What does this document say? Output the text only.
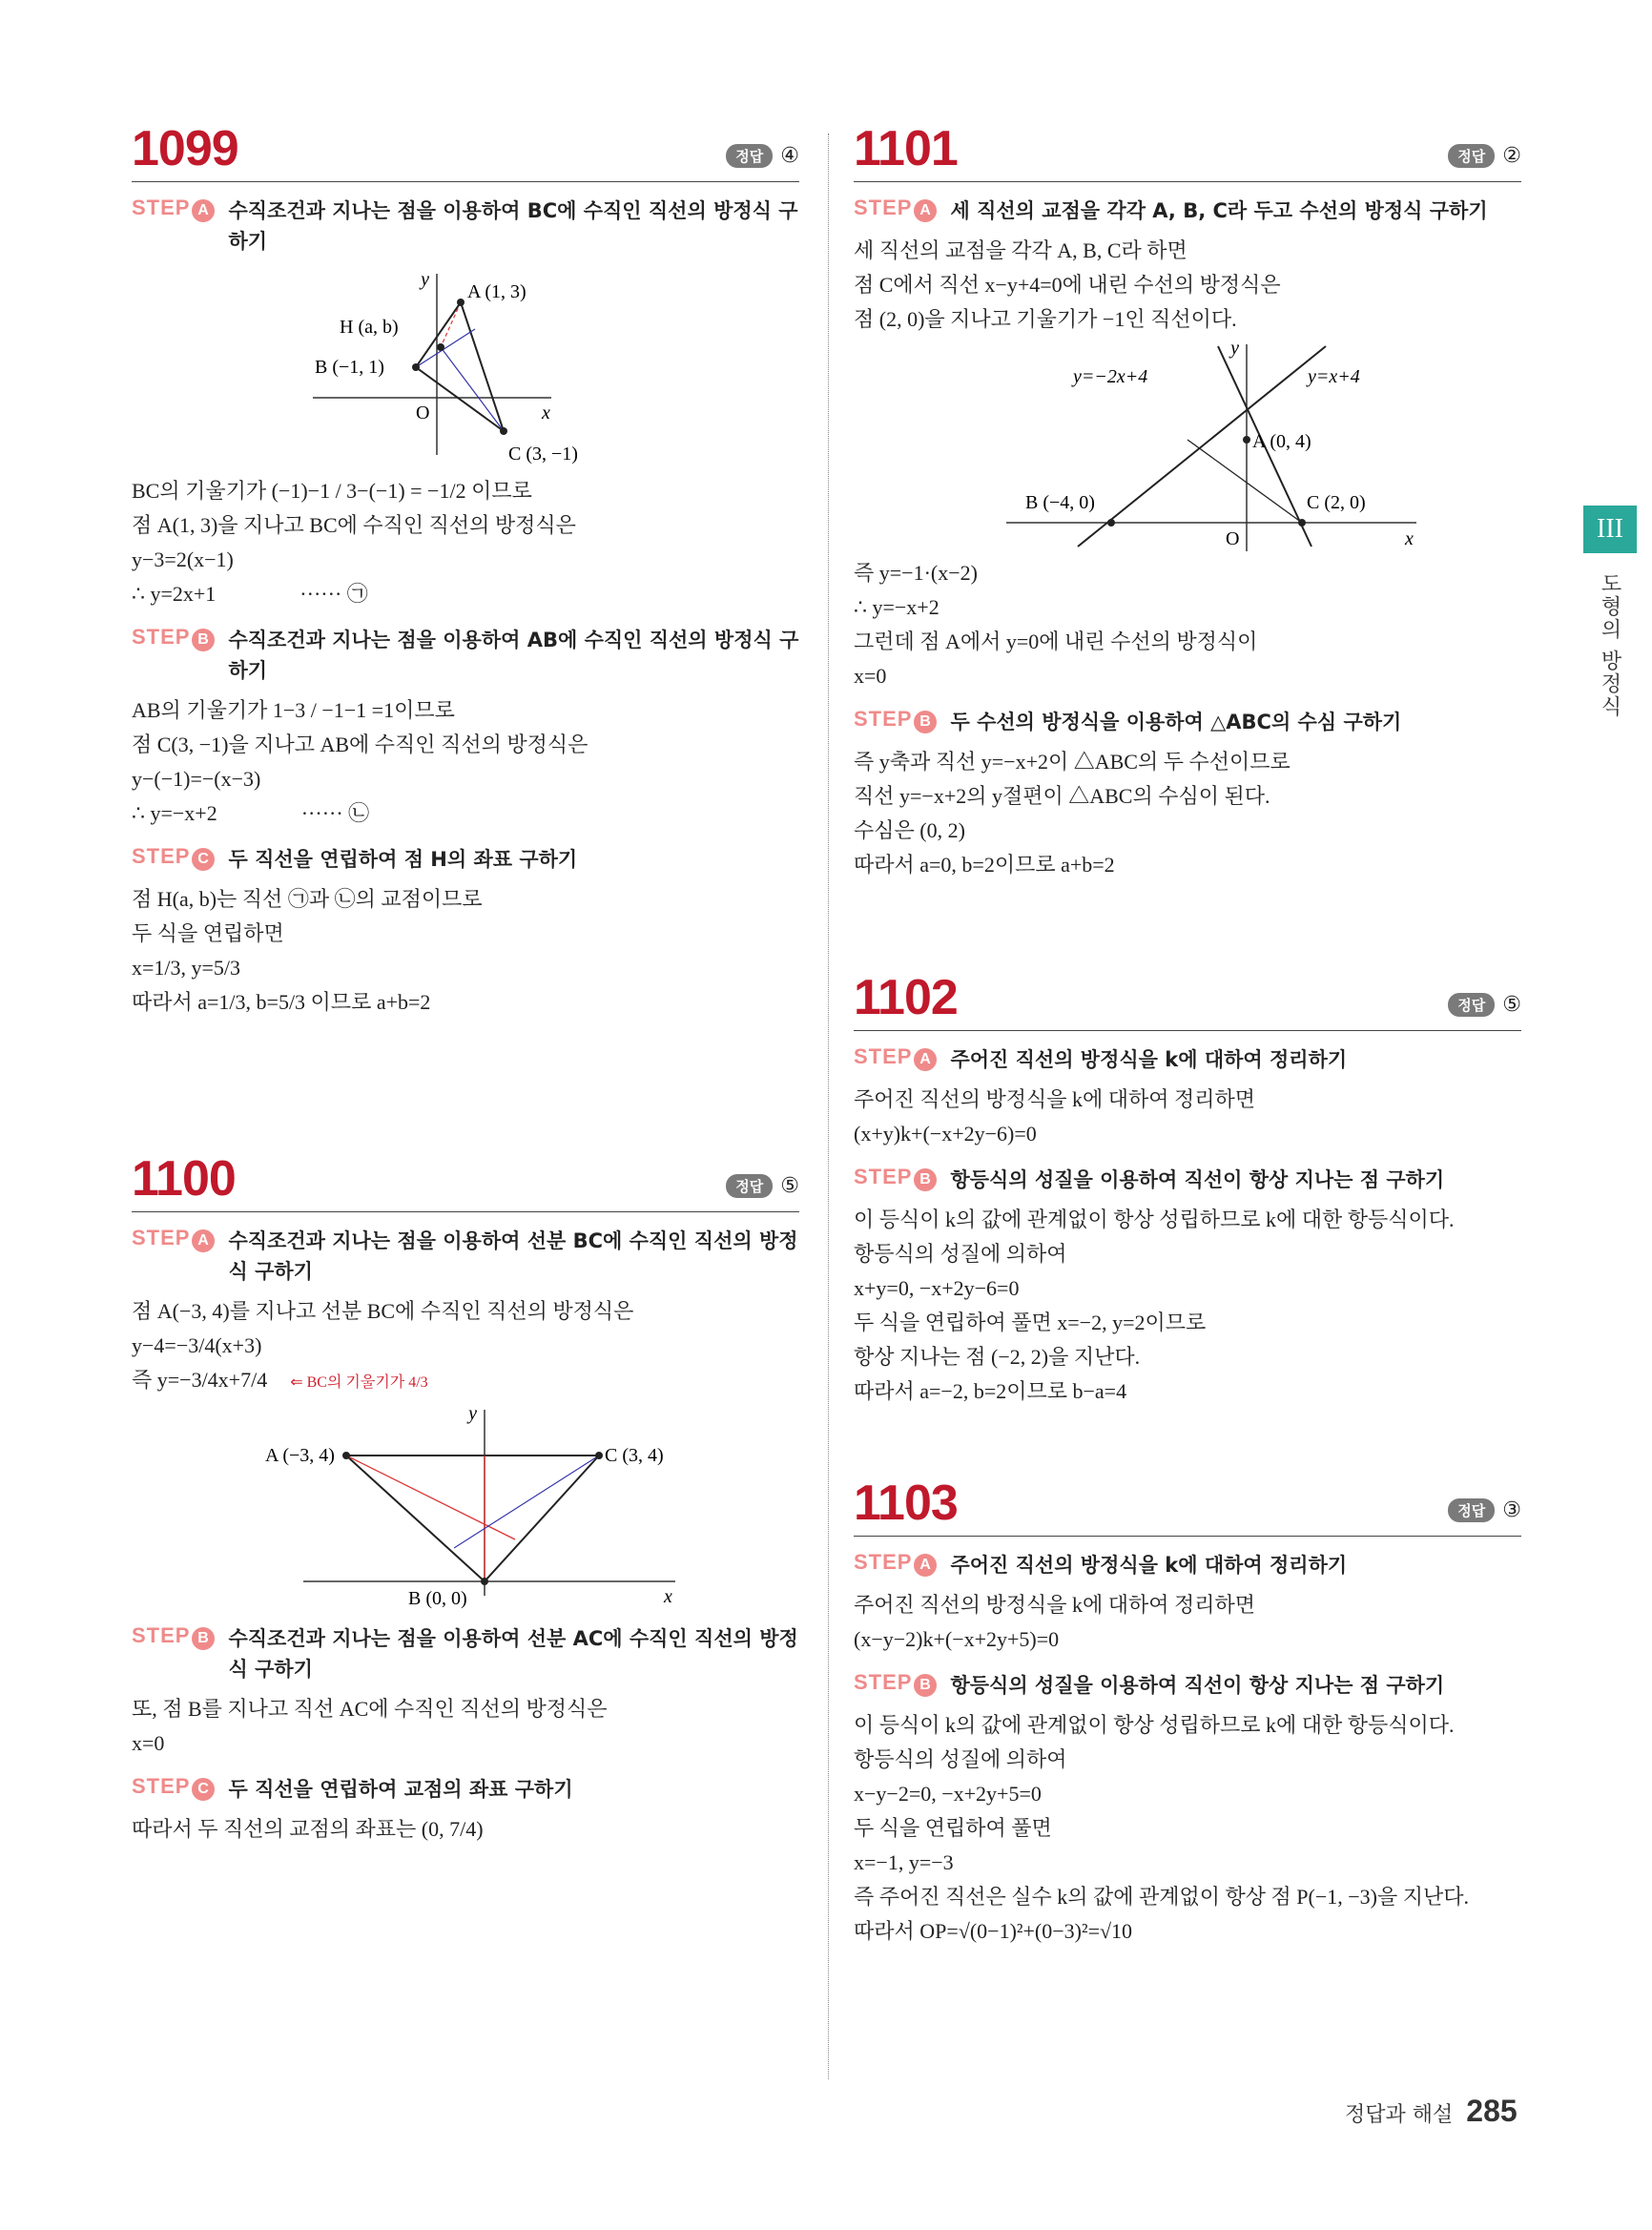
1099	정답 ④
STEP A 수직조건과 지나는 점을 이용하여 BC에 수직인 직선의 방정식 구하기
y
x
O
A (1, 3)
H (a, b)
B (−1, 1)
C (3, −1)

BC의 기울기가 (−1)−1 / 3−(−1) = −1/2 이므로

점 A(1, 3)을 지나고 BC에 수직인 직선의 방정식은

y−3=2(x−1)

∴ y=2x+1                ······ ㉠

STEP B 수직조건과 지나는 점을 이용하여 AB에 수직인 직선의 방정식 구하기

AB의 기울기가 1−3 / −1−1 =1이므로

점 C(3, −1)을 지나고 AB에 수직인 직선의 방정식은

y−(−1)=−(x−3)

∴ y=−x+2                ······ ㉡

STEP C 두 직선을 연립하여 점 H의 좌표 구하기

점 H(a, b)는 직선 ㉠과 ㉡의 교점이므로

두 식을 연립하면

x=1/3, y=5/3

따라서 a=1/3, b=5/3 이므로 a+b=2

1100	정답 ⑤
STEP A 수직조건과 지나는 점을 이용하여 선분 BC에 수직인 직선의 방정식 구하기

점 A(−3, 4)를 지나고 선분 BC에 수직인 직선의 방정식은

y−4=−3/4(x+3)

즉 y=−3/4x+7/4 ⇐ BC의 기울기가 4/3

y
x
A (−3, 4)	C (3, 4)
B (0, 0)
STEP B 수직조건과 지나는 점을 이용하여 선분 AC에 수직인 직선의 방정식 구하기

또, 점 B를 지나고 직선 AC에 수직인 직선의 방정식은

x=0

STEP C 두 직선을 연립하여 교점의 좌표 구하기

따라서 두 직선의 교점의 좌표는 (0, 7/4)

1101	정답 ②
STEP A 세 직선의 교점을 각각 A, B, C라 두고 수선의 방정식 구하기

세 직선의 교점을 각각 A, B, C라 하면

점 C에서 직선 x−y+4=0에 내린 수선의 방정식은

점 (2, 0)을 지나고 기울기가 −1인 직선이다.

y
x
O
y=−2x+4	y=x+4
A (0, 4)
B (−4, 0)	C (2, 0)

즉 y=−1·(x−2)

∴ y=−x+2

그런데 점 A에서 y=0에 내린 수선의 방정식이

x=0

STEP B 두 수선의 방정식을 이용하여 △ABC의 수심 구하기

즉 y축과 직선 y=−x+2이 △ABC의 두 수선이므로

직선 y=−x+2의 y절편이 △ABC의 수심이 된다.

수심은 (0, 2)

따라서 a=0, b=2이므로 a+b=2

1102	정답 ⑤
STEP A 주어진 직선의 방정식을 k에 대하여 정리하기

주어진 직선의 방정식을 k에 대하여 정리하면

(x+y)k+(−x+2y−6)=0

STEP B 항등식의 성질을 이용하여 직선이 항상 지나는 점 구하기

이 등식이 k의 값에 관계없이 항상 성립하므로 k에 대한 항등식이다.

항등식의 성질에 의하여

x+y=0, −x+2y−6=0

두 식을 연립하여 풀면 x=−2, y=2이므로

항상 지나는 점 (−2, 2)을 지난다.

따라서 a=−2, b=2이므로 b−a=4

1103	정답 ③
STEP A 주어진 직선의 방정식을 k에 대하여 정리하기

주어진 직선의 방정식을 k에 대하여 정리하면

(x−y−2)k+(−x+2y+5)=0

STEP B 항등식의 성질을 이용하여 직선이 항상 지나는 점 구하기

이 등식이 k의 값에 관계없이 항상 성립하므로 k에 대한 항등식이다.

항등식의 성질에 의하여

x−y−2=0, −x+2y+5=0

두 식을 연립하여 풀면

x=−1, y=−3

즉 주어진 직선은 실수 k의 값에 관계없이 항상 점 P(−1, −3)을 지난다.

따라서 OP=√(0−1)²+(0−3)²=√10

III
도형의 방정식
정답과 해설 285
